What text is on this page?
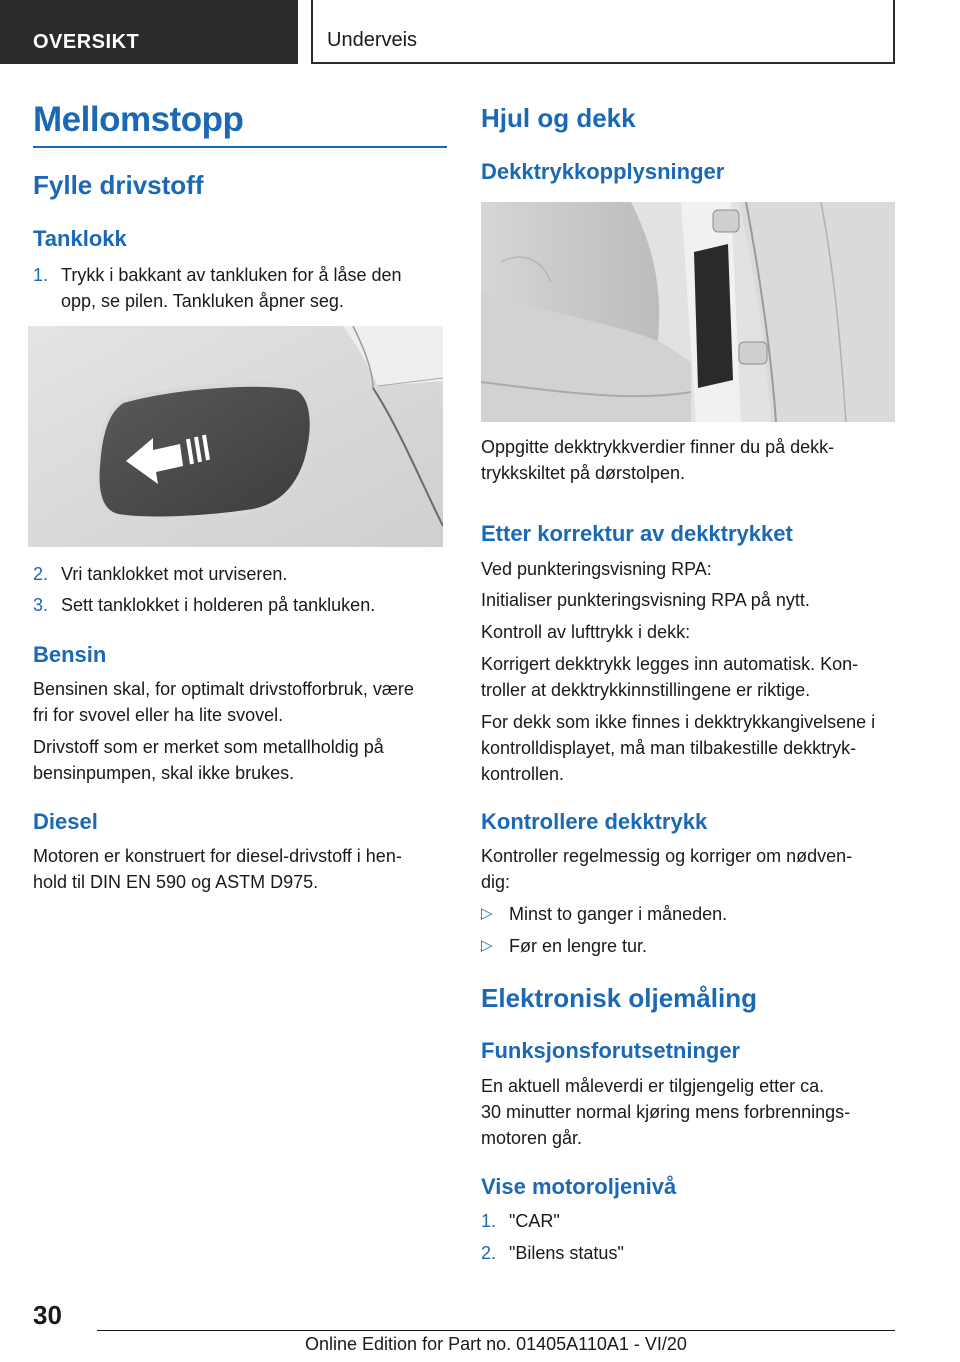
OVERSIKT	Underveis
Mellomstopp
Fylle drivstoff
Tanklokk
1. Trykk i bakkant av tankluken for å låse den
opp, se pilen. Tankluken åpner seg.
2. Vri tanklokket mot urviseren.
3. Sett tanklokket i holderen på tankluken.
Bensin

Bensinen skal, for optimalt drivstofforbruk, være
fri for svovel eller ha lite svovel.

Drivstoff som er merket som metallholdig på
bensinpumpen, skal ikke brukes.

Diesel

Motoren er konstruert for diesel-drivstoff i hen-
hold til DIN EN 590 og ASTM D975.

Hjul og dekk
Dekktrykkopplysninger

Oppgitte dekktrykkverdier finner du på dekk-
trykkskiltet på dørstolpen.

Etter korrektur av dekktrykket

Ved punkteringsvisning RPA:

Initialiser punkteringsvisning RPA på nytt.

Kontroll av lufttrykk i dekk:

Korrigert dekktrykk legges inn automatisk. Kon-
troller at dekktrykkinnstillingene er riktige.

For dekk som ikke finnes i dekktrykkangivelsene i
kontrolldisplayet, må man tilbakestille dekktryk-
kontrollen.

Kontrollere dekktrykk

Kontroller regelmessig og korriger om nødven-
dig:

▷ Minst to ganger i måneden.
▷ Før en lengre tur.
Elektronisk oljemåling
Funksjonsforutsetninger

En aktuell måleverdi er tilgjengelig etter ca.
30 minutter normal kjøring mens forbrennings-
motoren går.

Vise motoroljenivå
1. "CAR"
2. "Bilens status"
30
Online Edition for Part no. 01405A110A1 - VI/20
